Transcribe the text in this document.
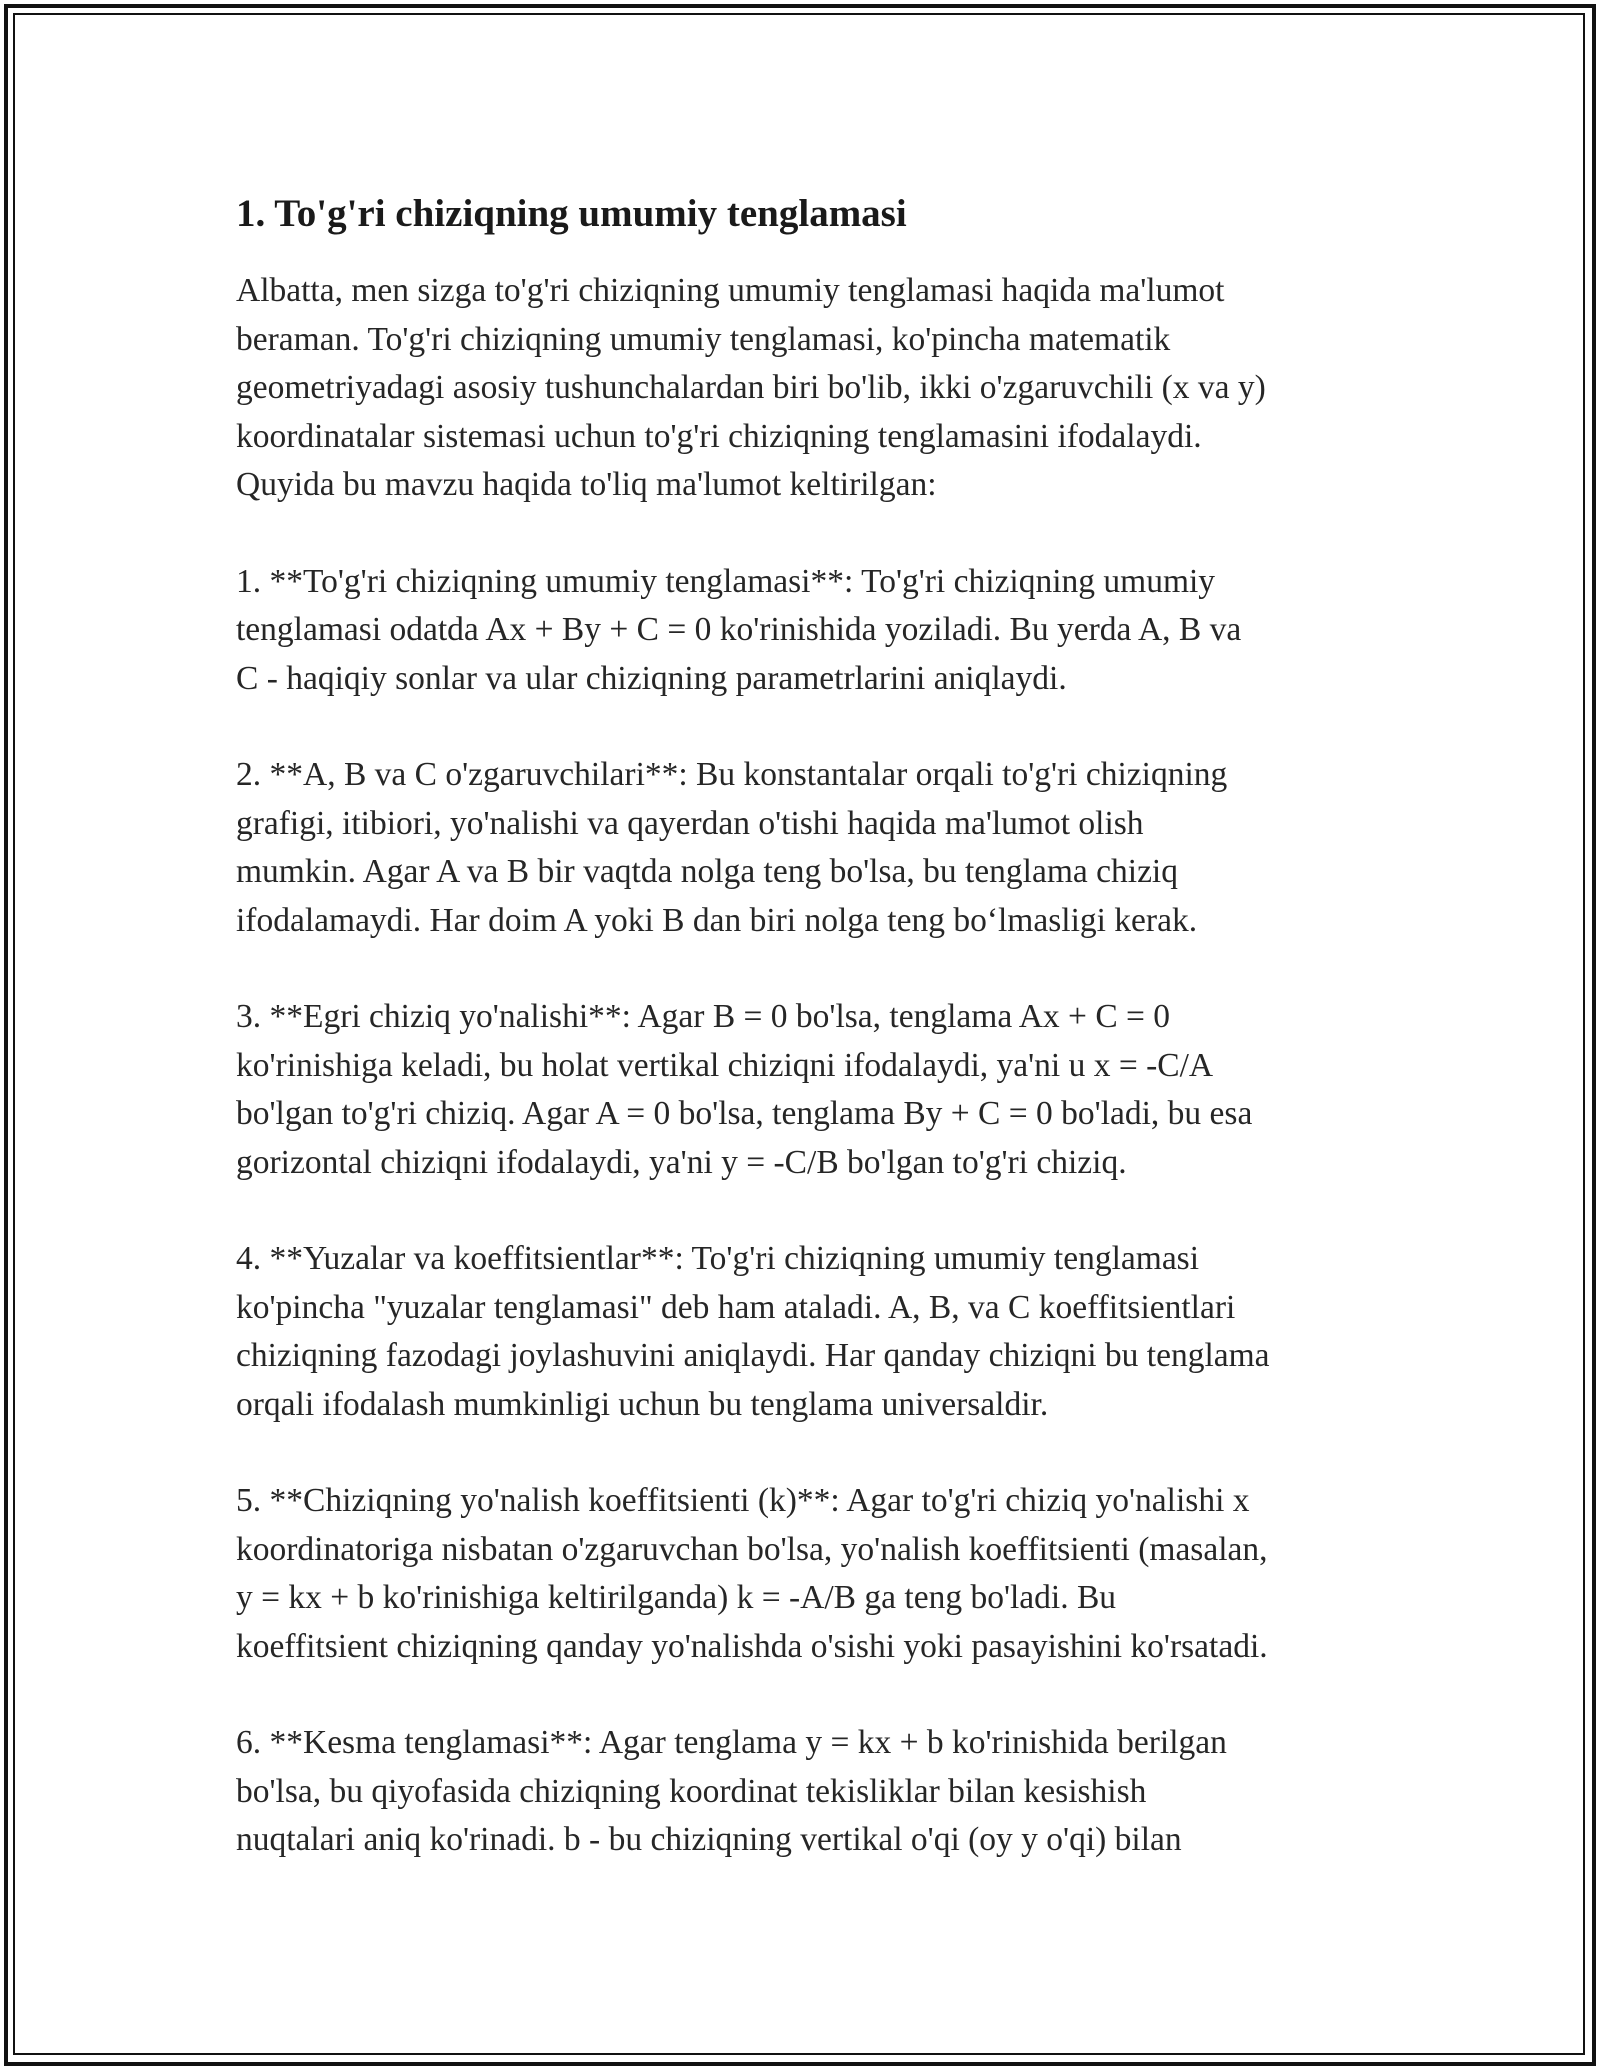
1. To'g'ri chiziqning umumiy tenglamasi

Albatta, men sizga to'g'ri chiziqning umumiy tenglamasi haqida ma'lumot
beraman. To'g'ri chiziqning umumiy tenglamasi, ko'pincha matematik
geometriyadagi asosiy tushunchalardan biri bo'lib, ikki o'zgaruvchili (x va y)
koordinatalar sistemasi uchun to'g'ri chiziqning tenglamasini ifodalaydi.
Quyida bu mavzu haqida to'liq ma'lumot keltirilgan:

1. **To'g'ri chiziqning umumiy tenglamasi**: To'g'ri chiziqning umumiy
tenglamasi odatda Ax + By + C = 0 ko'rinishida yoziladi. Bu yerda A, B va
C - haqiqiy sonlar va ular chiziqning parametrlarini aniqlaydi.

2. **A, B va C o'zgaruvchilari**: Bu konstantalar orqali to'g'ri chiziqning
grafigi, itibiori, yo'nalishi va qayerdan o'tishi haqida ma'lumot olish
mumkin. Agar A va B bir vaqtda nolga teng bo'lsa, bu tenglama chiziq
ifodalamaydi. Har doim A yoki B dan biri nolga teng bo‘lmasligi kerak.

3. **Egri chiziq yo'nalishi**: Agar B = 0 bo'lsa, tenglama Ax + C = 0
ko'rinishiga keladi, bu holat vertikal chiziqni ifodalaydi, ya'ni u x = -C/A
bo'lgan to'g'ri chiziq. Agar A = 0 bo'lsa, tenglama By + C = 0 bo'ladi, bu esa
gorizontal chiziqni ifodalaydi, ya'ni y = -C/B bo'lgan to'g'ri chiziq.

4. **Yuzalar va koeffitsientlar**: To'g'ri chiziqning umumiy tenglamasi
ko'pincha "yuzalar tenglamasi" deb ham ataladi. A, B, va C koeffitsientlari
chiziqning fazodagi joylashuvini aniqlaydi. Har qanday chiziqni bu tenglama
orqali ifodalash mumkinligi uchun bu tenglama universaldir.

5. **Chiziqning yo'nalish koeffitsienti (k)**: Agar to'g'ri chiziq yo'nalishi x
koordinatoriga nisbatan o'zgaruvchan bo'lsa, yo'nalish koeffitsienti (masalan,
y = kx + b ko'rinishiga keltirilganda) k = -A/B ga teng bo'ladi. Bu
koeffitsient chiziqning qanday yo'nalishda o'sishi yoki pasayishini ko'rsatadi.

6. **Kesma tenglamasi**: Agar tenglama y = kx + b ko'rinishida berilgan
bo'lsa, bu qiyofasida chiziqning koordinat tekisliklar bilan kesishish
nuqtalari aniq ko'rinadi. b - bu chiziqning vertikal o'qi (oy y o'qi) bilan
